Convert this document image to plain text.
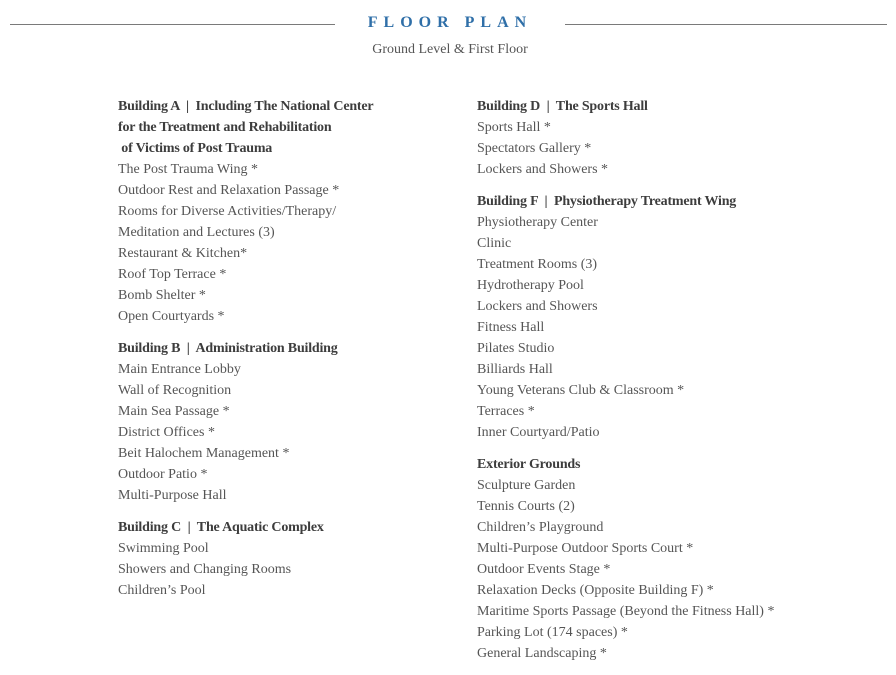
FLOOR PLAN

Ground Level & First Floor

Building A  |  Including The National Center
for the Treatment and Rehabilitation
of Victims of Post Trauma
The Post Trauma Wing *
Outdoor Rest and Relaxation Passage *
Rooms for Diverse Activities/Therapy/
Meditation and Lectures (3)
Restaurant & Kitchen*
Roof Top Terrace *
Bomb Shelter *
Open Courtyards *
Building B  |  Administration Building
Main Entrance Lobby
Wall of Recognition
Main Sea Passage *
District Offices *
Beit Halochem Management *
Outdoor Patio *
Multi-Purpose Hall
Building C  |  The Aquatic Complex
Swimming Pool
Showers and Changing Rooms
Children’s Pool
Building D  |  The Sports Hall
Sports Hall *
Spectators Gallery *
Lockers and Showers *
Building F  |  Physiotherapy Treatment Wing
Physiotherapy Center
Clinic
Treatment Rooms (3)
Hydrotherapy Pool
Lockers and Showers
Fitness Hall
Pilates Studio
Billiards Hall
Young Veterans Club & Classroom *
Terraces *
Inner Courtyard/Patio
Exterior Grounds
Sculpture Garden
Tennis Courts (2)
Children’s Playground
Multi-Purpose Outdoor Sports Court *
Outdoor Events Stage *
Relaxation Decks (Opposite Building F) *
Maritime Sports Passage (Beyond the Fitness Hall) *
Parking Lot (174 spaces) *
General Landscaping *
